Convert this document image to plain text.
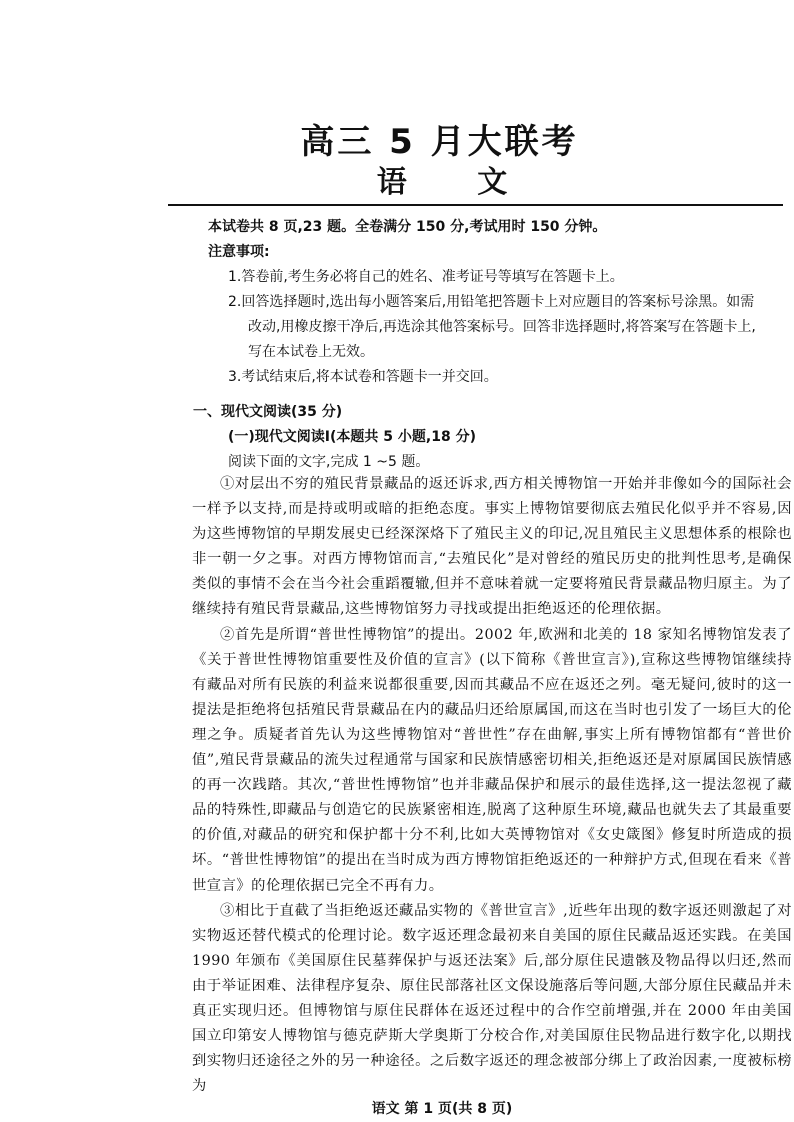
高三 5 月大联考
语 文
本试卷共 8 页,23 题。全卷满分 150 分,考试用时 150 分钟。
注意事项:
1.答卷前,考生务必将自己的姓名、准考证号等填写在答题卡上。
2.回答选择题时,选出每小题答案后,用铅笔把答题卡上对应题目的答案标号涂黑。如需
改动,用橡皮擦干净后,再选涂其他答案标号。回答非选择题时,将答案写在答题卡上,
写在本试卷上无效。
3.考试结束后,将本试卷和答题卡一并交回。
一、现代文阅读(35 分)
(一)现代文阅读Ⅰ(本题共 5 小题,18 分)
阅读下面的文字,完成 1 ~5 题。

①对层出不穷的殖民背景藏品的返还诉求,西方相关博物馆一开始并非像如今的国际社会一样予以支持,而是持或明或暗的拒绝态度。事实上博物馆要彻底去殖民化似乎并不容易,因为这些博物馆的早期发展史已经深深烙下了殖民主义的印记,况且殖民主义思想体系的根除也非一朝一夕之事。对西方博物馆而言,“去殖民化”是对曾经的殖民历史的批判性思考,是确保类似的事情不会在当今社会重蹈覆辙,但并不意味着就一定要将殖民背景藏品物归原主。为了继续持有殖民背景藏品,这些博物馆努力寻找或提出拒绝返还的伦理依据。

②首先是所谓“普世性博物馆”的提出。2002 年,欧洲和北美的 18 家知名博物馆发表了《关于普世性博物馆重要性及价值的宣言》(以下简称《普世宣言》),宣称这些博物馆继续持有藏品对所有民族的利益来说都很重要,因而其藏品不应在返还之列。毫无疑问,彼时的这一提法是拒绝将包括殖民背景藏品在内的藏品归还给原属国,而这在当时也引发了一场巨大的伦理之争。质疑者首先认为这些博物馆对“普世性”存在曲解,事实上所有博物馆都有“普世价值”,殖民背景藏品的流失过程通常与国家和民族情感密切相关,拒绝返还是对原属国民族情感的再一次践踏。其次,“普世性博物馆”也并非藏品保护和展示的最佳选择,这一提法忽视了藏品的特殊性,即藏品与创造它的民族紧密相连,脱离了这种原生环境,藏品也就失去了其最重要的价值,对藏品的研究和保护都十分不利,比如大英博物馆对《女史箴图》修复时所造成的损坏。“普世性博物馆”的提出在当时成为西方博物馆拒绝返还的一种辩护方式,但现在看来《普世宣言》的伦理依据已完全不再有力。

③相比于直截了当拒绝返还藏品实物的《普世宣言》,近些年出现的数字返还则激起了对实物返还替代模式的伦理讨论。数字返还理念最初来自美国的原住民藏品返还实践。在美国 1990 年颁布《美国原住民墓葬保护与返还法案》后,部分原住民遗骸及物品得以归还,然而由于举证困难、法律程序复杂、原住民部落社区文保设施落后等问题,大部分原住民藏品并未真正实现归还。但博物馆与原住民群体在返还过程中的合作空前增强,并在 2000 年由美国国立印第安人博物馆与德克萨斯大学奥斯丁分校合作,对美国原住民物品进行数字化,以期找到实物归还途径之外的另一种途径。之后数字返还的理念被部分绑上了政治因素,一度被标榜为

语文 第 1 页(共 8 页)
